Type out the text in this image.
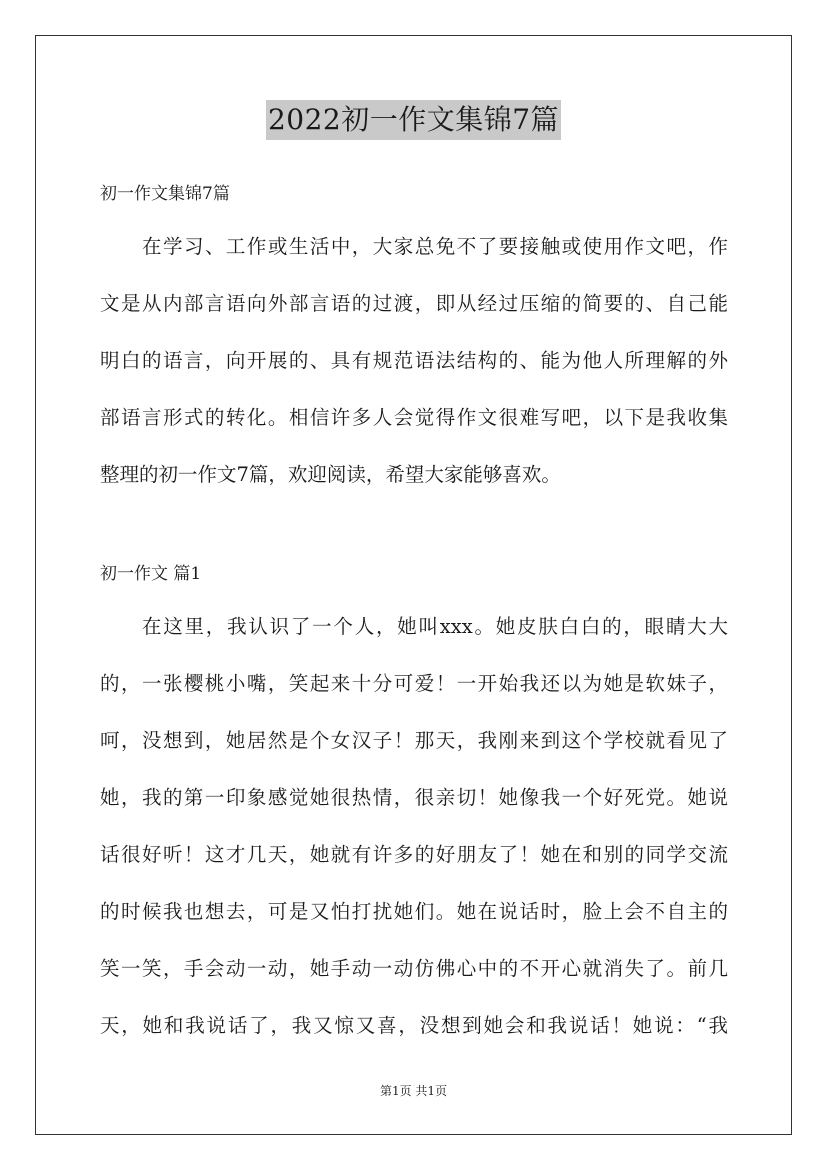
2022初一作文集锦7篇
初一作文集锦7篇
在学习、工作或生活中，大家总免不了要接触或使用作文吧，作
文是从内部言语向外部言语的过渡，即从经过压缩的简要的、自己能
明白的语言，向开展的、具有规范语法结构的、能为他人所理解的外
部语言形式的转化。相信许多人会觉得作文很难写吧，以下是我收集
整理的初一作文7篇，欢迎阅读，希望大家能够喜欢。
初一作文 篇1
在这里，我认识了一个人，她叫xxx。她皮肤白白的，眼睛大大
的，一张樱桃小嘴，笑起来十分可爱！一开始我还以为她是软妹子，
呵，没想到，她居然是个女汉子！那天，我刚来到这个学校就看见了
她，我的第一印象感觉她很热情，很亲切！她像我一个好死党。她说
话很好听！这才几天，她就有许多的好朋友了！她在和别的同学交流
的时候我也想去，可是又怕打扰她们。她在说话时，脸上会不自主的
笑一笑，手会动一动，她手动一动仿佛心中的不开心就消失了。前几
天，她和我说话了，我又惊又喜，没想到她会和我说话！她说：“我
第1页 共1页
